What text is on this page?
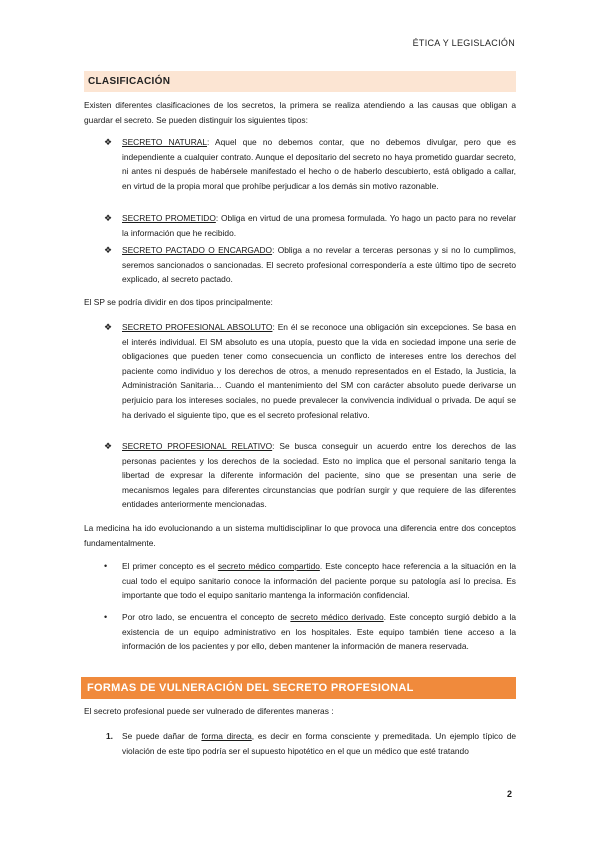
ÉTICA Y LEGISLACIÓN
CLASIFICACIÓN
Existen diferentes clasificaciones de los secretos, la primera se realiza atendiendo a las causas que obligan a guardar el secreto. Se pueden distinguir los siguientes tipos:
❖ SECRETO NATURAL: Aquel que no debemos contar, que no debemos divulgar, pero que es independiente a cualquier contrato. Aunque el depositario del secreto no haya prometido guardar secreto, ni antes ni después de habérsele manifestado el hecho o de haberlo descubierto, está obligado a callar, en virtud de la propia moral que prohíbe perjudicar a los demás sin motivo razonable.
❖ SECRETO PROMETIDO: Obliga en virtud de una promesa formulada. Yo hago un pacto para no revelar la información que he recibido.
❖ SECRETO PACTADO O ENCARGADO: Obliga a no revelar a terceras personas y si no lo cumplimos, seremos sancionados o sancionadas. El secreto profesional correspondería a este último tipo de secreto explicado, al secreto pactado.
El SP se podría dividir en dos tipos principalmente:
❖ SECRETO PROFESIONAL ABSOLUTO: En él se reconoce una obligación sin excepciones. Se basa en el interés individual. El SM absoluto es una utopía, puesto que la vida en sociedad impone una serie de obligaciones que pueden tener como consecuencia un conflicto de intereses entre los derechos del paciente como individuo y los derechos de otros, a menudo representados en el Estado, la Justicia, la Administración Sanitaria… Cuando el mantenimiento del SM con carácter absoluto puede derivarse un perjuicio para los intereses sociales, no puede prevalecer la convivencia individual o privada. De aquí se ha derivado el siguiente tipo, que es el secreto profesional relativo.
❖ SECRETO PROFESIONAL RELATIVO: Se busca conseguir un acuerdo entre los derechos de las personas pacientes y los derechos de la sociedad. Esto no implica que el personal sanitario tenga la libertad de expresar la diferente información del paciente, sino que se presentan una serie de mecanismos legales para diferentes circunstancias que podrían surgir y que requiere de las diferentes entidades anteriormente mencionadas.
La medicina ha ido evolucionando a un sistema multidisciplinar lo que provoca una diferencia entre dos conceptos fundamentalmente.
• El primer concepto es el secreto médico compartido. Este concepto hace referencia a la situación en la cual todo el equipo sanitario conoce la información del paciente porque su patología así lo precisa. Es importante que todo el equipo sanitario mantenga la información confidencial.
• Por otro lado, se encuentra el concepto de secreto médico derivado. Este concepto surgió debido a la existencia de un equipo administrativo en los hospitales. Este equipo también tiene acceso a la información de los pacientes y por ello, deben mantener la información de manera reservada.
FORMAS DE VULNERACIÓN DEL SECRETO PROFESIONAL
El secreto profesional puede ser vulnerado de diferentes maneras :
1. Se puede dañar de forma directa, es decir en forma consciente y premeditada. Un ejemplo típico de violación de este tipo podría ser el supuesto hipotético en el que un médico que esté tratando
2
